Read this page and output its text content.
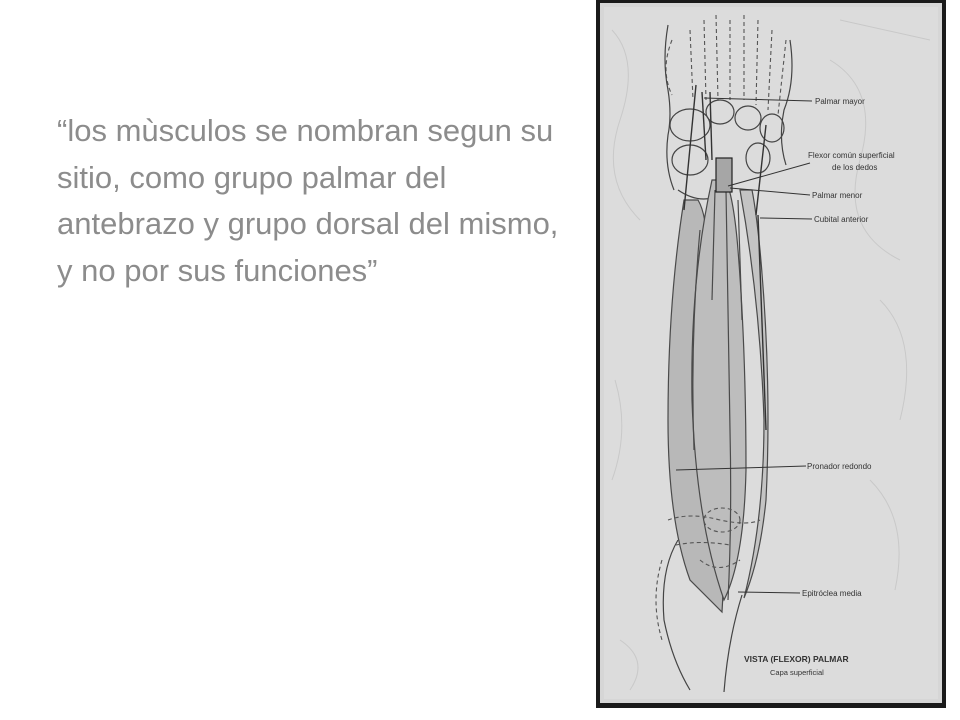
“los mùsculos se nombran segun su sitio, como grupo palmar del antebrazo y grupo dorsal del mismo, y no por sus funciones”

Palmar mayor
Flexor común superficial
de los dedos
Palmar menor
Cubital anterior
Pronador redondo
Epitróclea media
VISTA (FLEXOR) PALMAR
Capa superficial
